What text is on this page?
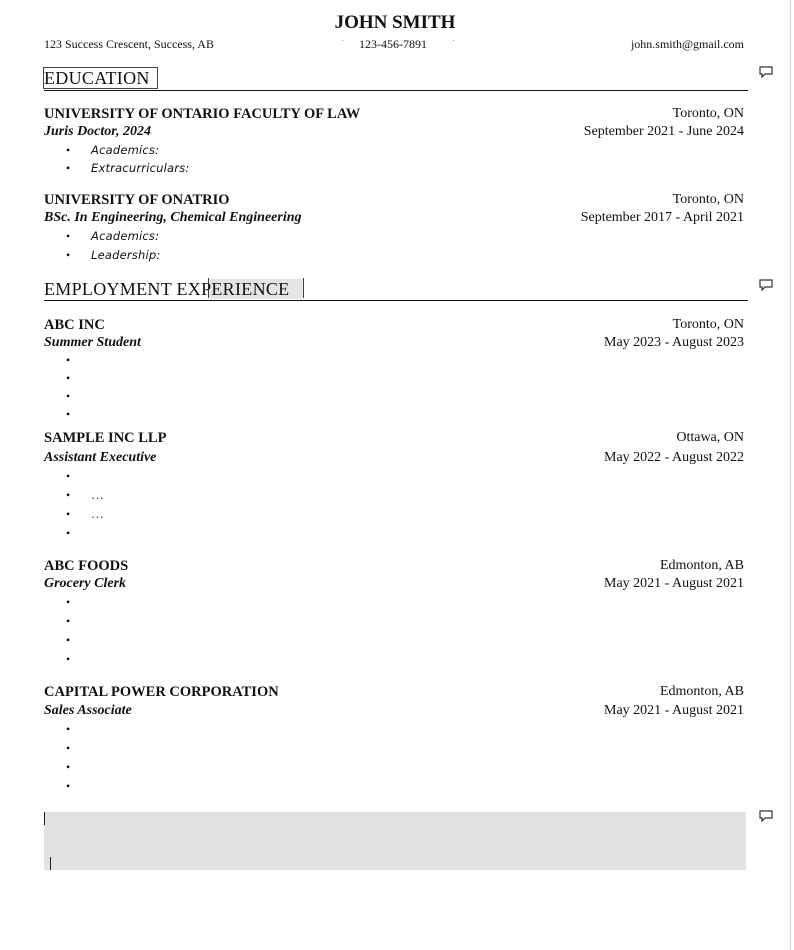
JOHN SMITH
123 Success Crescent, Success, AB	· 123-456-7891	·	john.smith@gmail.com
EDUCATION
UNIVERSITY OF ONTARIO FACULTY OF LAW	Toronto, ON
Juris Doctor, 2024	September 2021 - June 2024
• Academics:
• Extracurriculars:
UNIVERSITY OF ONATRIO	Toronto, ON
BSc. In Engineering, Chemical Engineering	September 2017 - April 2021
• Academics:
• Leadership:
EMPLOYMENT EXPERIENCE
ABC INC	Toronto, ON
Summer Student	May 2023 - August 2023
•
•
•
•
SAMPLE INC LLP	Ottawa, ON
Assistant Executive	May 2022 - August 2022
•
• …
• …
•
ABC FOODS	Edmonton, AB
Grocery Clerk	May 2021 - August 2021
•
•
•
•
CAPITAL POWER CORPORATION	Edmonton, AB
Sales Associate	May 2021 - August 2021
•
•
•
•
